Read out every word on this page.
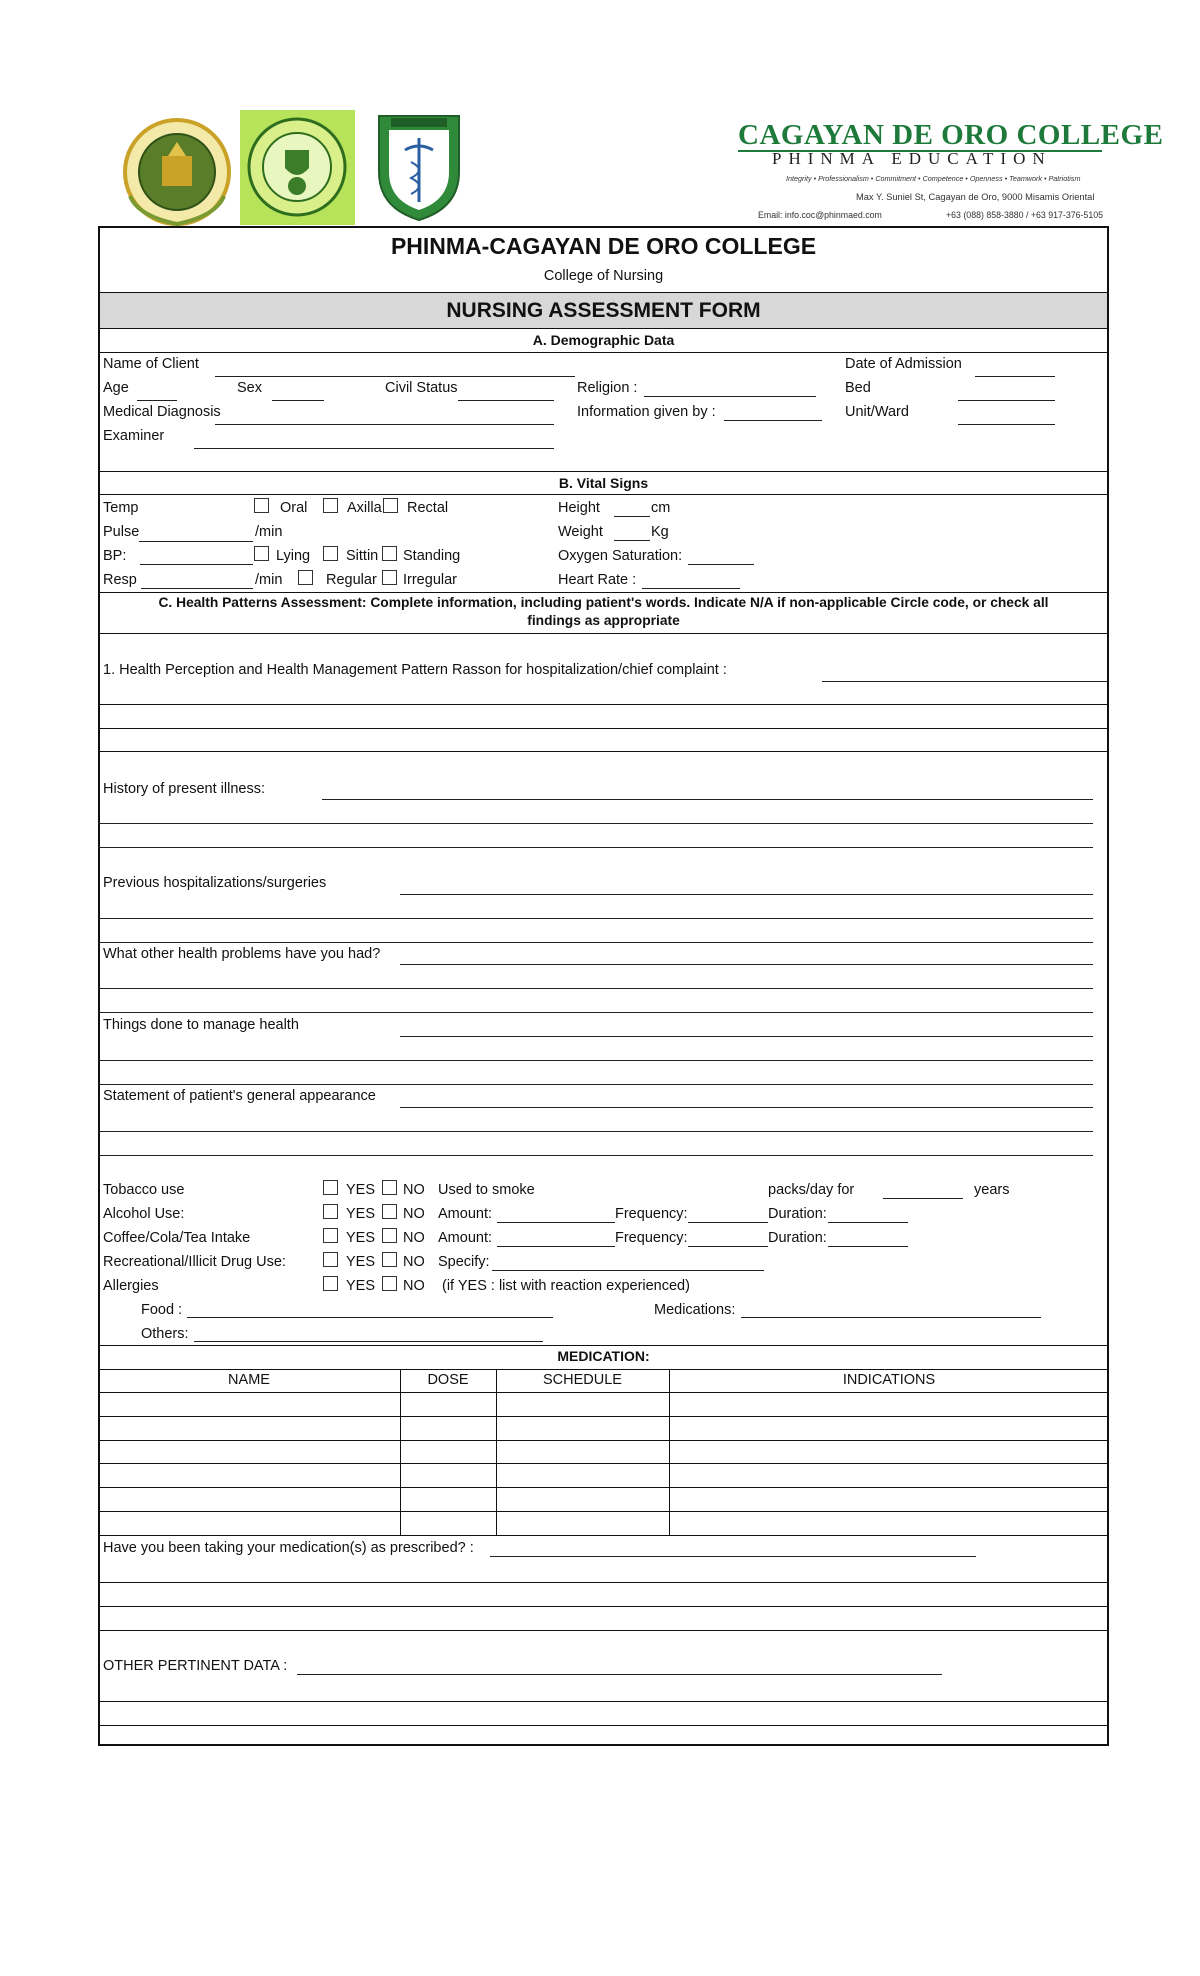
CAGAYAN DE ORO COLLEGE
PHINMA EDUCATION
Integrity • Professionalism • Commitment • Competence • Openness • Teamwork • Patriotism
Max Y. Suniel St, Cagayan de Oro, 9000 Misamis Oriental
Email: info.coc@phinmaed.com	+63 (088) 858-3880 / +63 917-376-5105
PHINMA-CAGAYAN DE ORO COLLEGE
College of Nursing
NURSING ASSESSMENT FORM
A. Demographic Data
Name of Client	Date of Admission
Age	Sex	Civil Status	Religion :	Bed
Medical Diagnosis	Information given by :	Unit/Ward
Examiner
B. Vital Signs
Temp	Oral	Axilla Rectal	Height	cm
Pulse	/min	Weight	Kg
BP:	Lying Sittin Standing	Oxygen Saturation:
Resp	/min	Regular Irregular	Heart Rate :
C. Health Patterns Assessment: Complete information, including patient's words. Indicate N/A if non-applicable Circle code, or check all
findings as appropriate
1. Health Perception and Health Management Pattern Rasson for hospitalization/chief complaint :
History of present illness:
Previous hospitalizations/surgeries
What other health problems have you had?
Things done to manage health
Statement of patient's general appearance
Tobacco use	YES NO Used to smoke	packs/day for	years
Alcohol Use:	YES NO Amount:	Frequency:	Duration:
Coffee/Cola/Tea Intake	YES NO Amount:	Frequency:	Duration:
Recreational/Illicit Drug Use:	YES NO Specify:
Allergies	YES NO (if YES : list with reaction experienced)
Food :	Medications:
Others:
MEDICATION:
NAME	DOSE	SCHEDULE	INDICATIONS
Have you been taking your medication(s) as prescribed? :
OTHER PERTINENT DATA :
